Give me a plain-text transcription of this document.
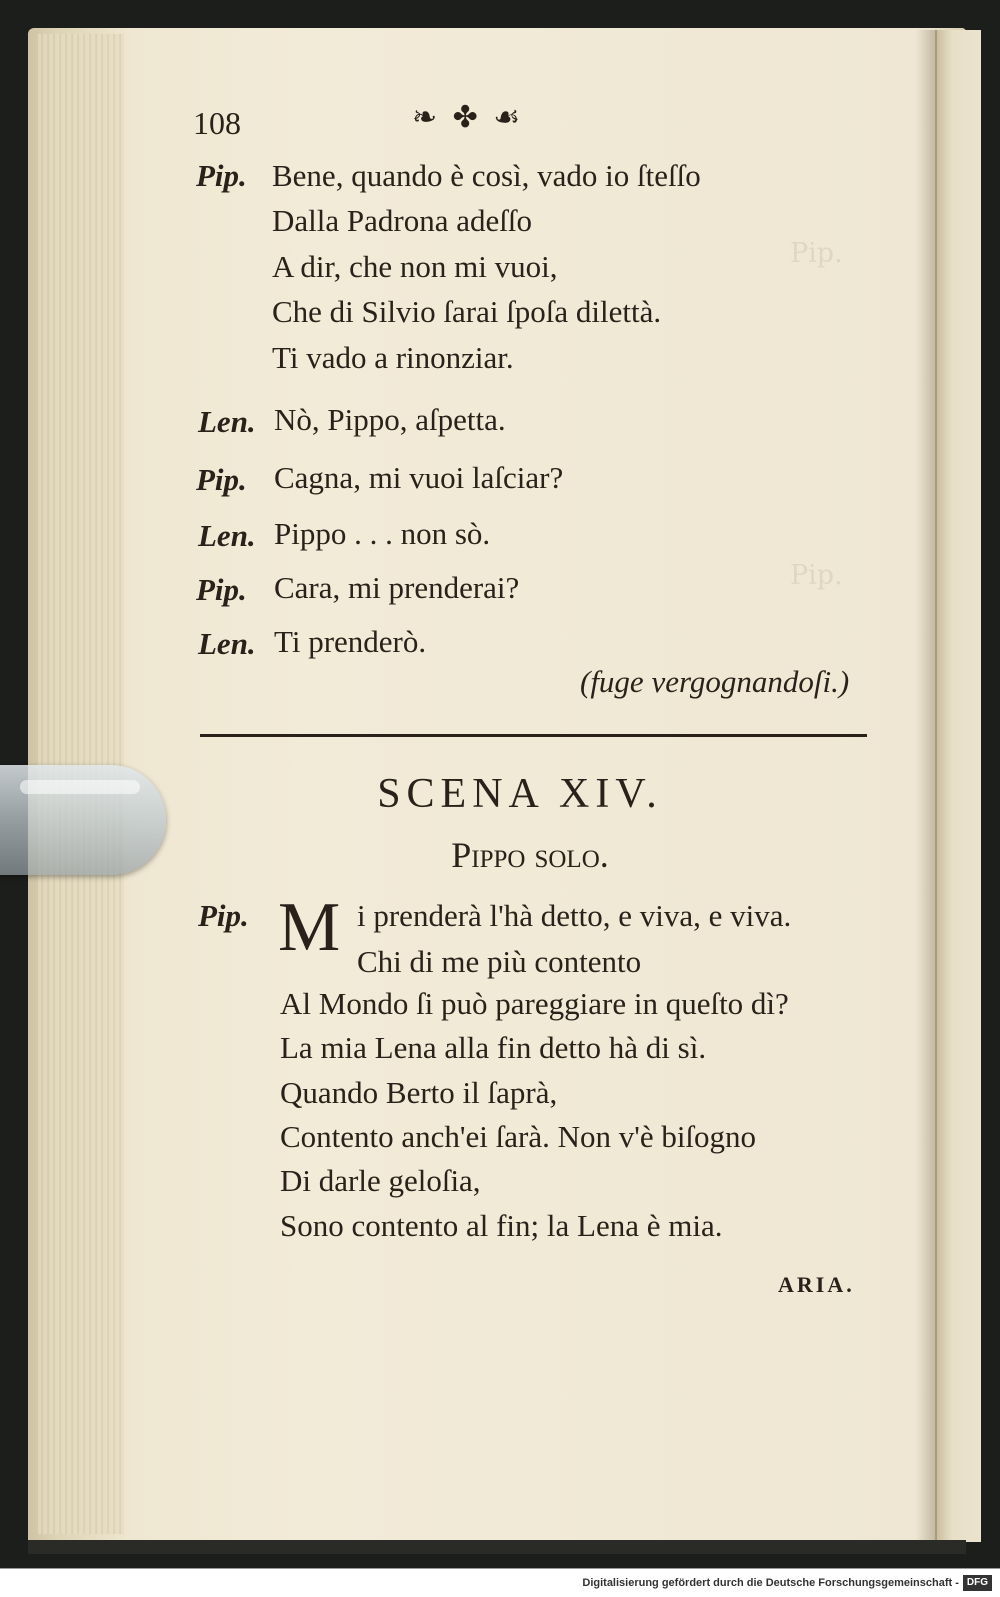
Pip.
Pip.
108	❧ ✤ ☙
Pip. Bene, quando è così, vado io ſteſſo
Dalla Padrona adeſſo
A dir, che non mi vuoi,
Che di Silvio ſarai ſpoſa dilettà.
Ti vado a rinonziar.
Len. Nò, Pippo, aſpetta.
Pip. Cagna, mi vuoi laſciar?
Len. Pippo . . . non sò.
Pip. Cara, mi prenderai?
Len. Ti prenderò.
(fuge vergognandoſi.)
SCENA XIV.
Pippo ſolo.
Pip. M i prenderà l'hà detto, e viva, e viva.
Chi di me più contento
Al Mondo ſi può pareggiare in queſto dì?
La mia Lena alla fin detto hà di sì.
Quando Berto il ſaprà,
Contento anch'ei ſarà. Non v'è biſogno
Di darle geloſia,
Sono contento al fin; la Lena è mia.
ARIA.
Digitalisierung gefördert durch die Deutsche Forschungsgemeinschaft - DFG
